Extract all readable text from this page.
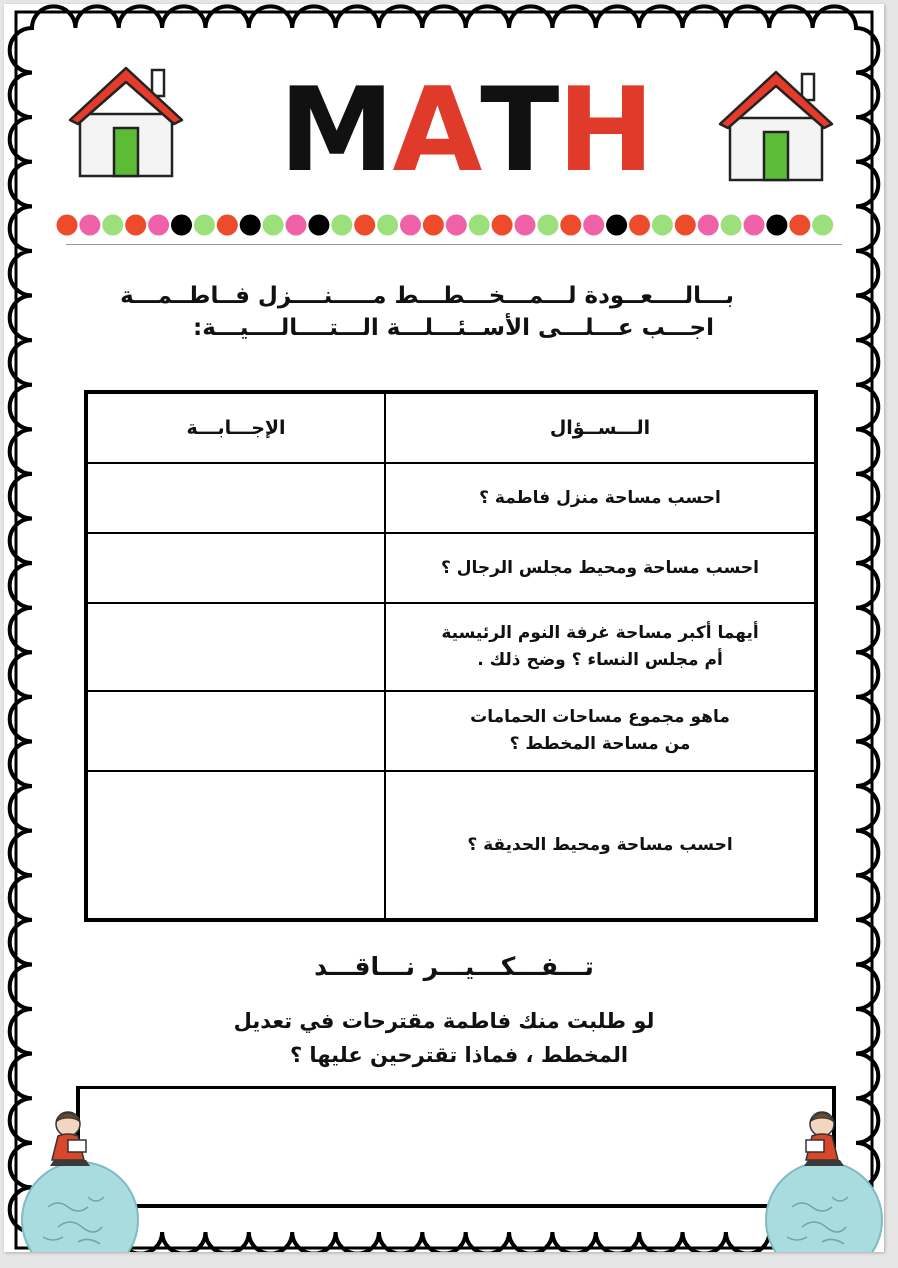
MATH
بـــالــــعــودة لـــمـــخـــطـــط مـــــنــــزل فــاطــمـــة
اجـــب عـــلـــى الأســئـــلـــة الـــتــــالــــيـــة:
الـــســؤال
الإجـــابـــة
احسب مساحة منزل فاطمة ؟
احسب مساحة ومحيط مجلس الرجال ؟
أيهما أكبر مساحة غرفة النوم الرئيسية
أم مجلس النساء ؟ وضح ذلك .
ماهو مجموع مساحات الحمامات
من مساحة المخطط ؟
احسب مساحة ومحيط الحديقة ؟
تـــفـــكـــيـــر نـــاقـــد
لو طلبت منك فاطمة مقترحات في تعديل
المخطط ، فماذا تقترحين عليها ؟
